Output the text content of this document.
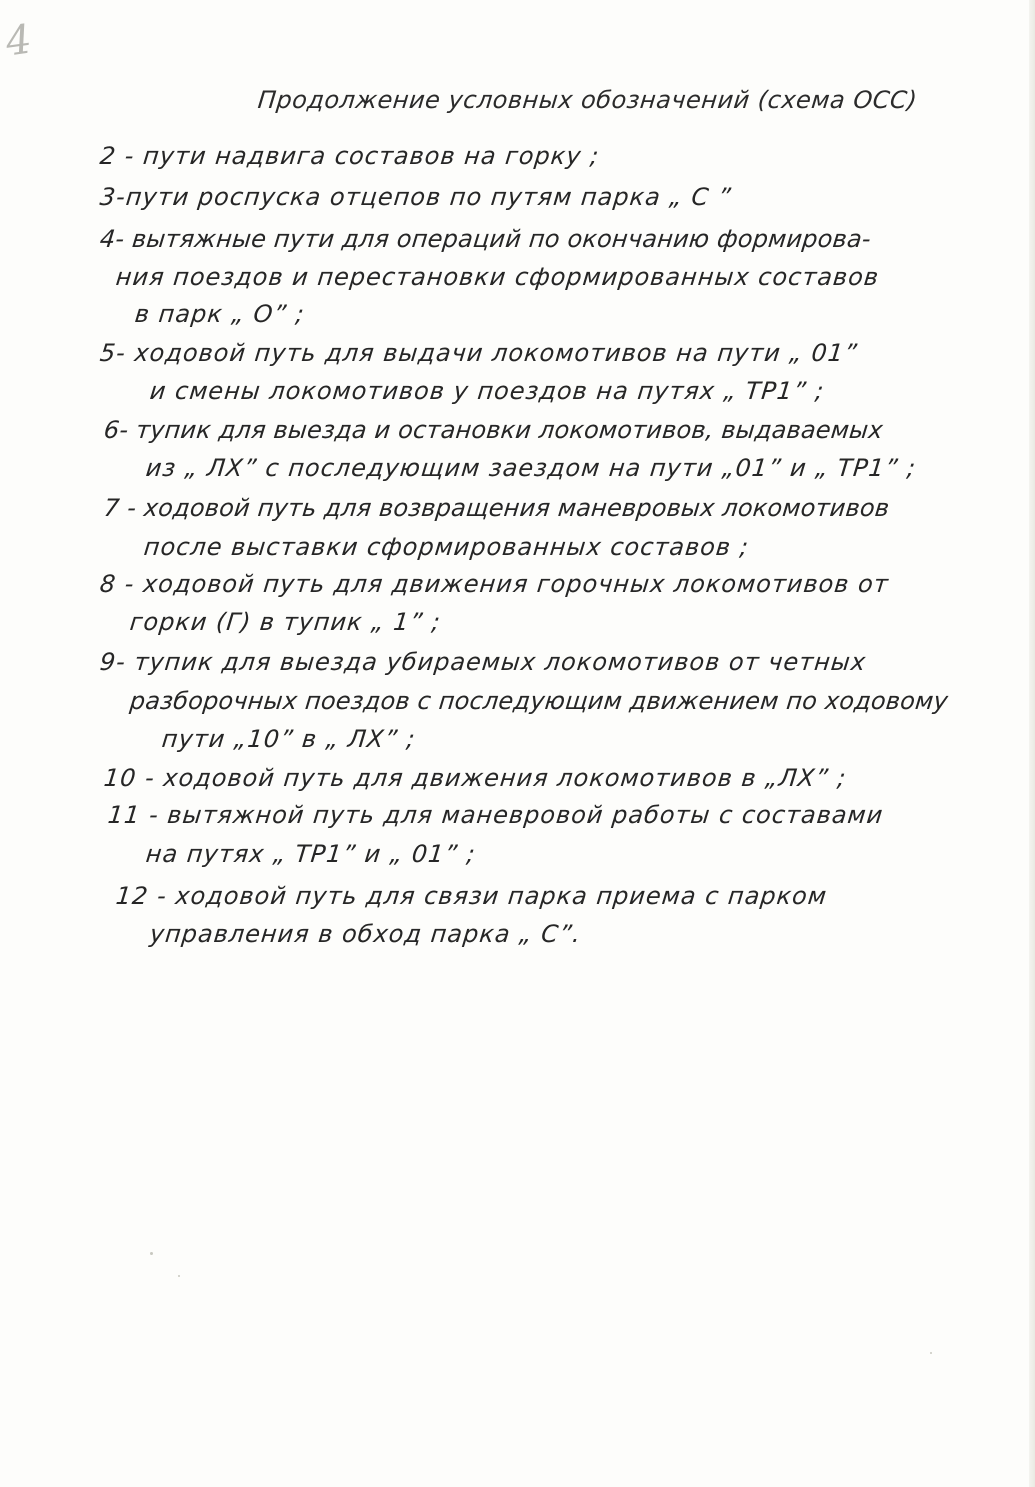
4
Продолжение условных обозначений (схема ОСС)
2 - пути надвига составов на горку ;
3-пути роспуска отцепов по путям парка „ С ”
4- вытяжные пути для операций по окончанию формирова-
ния поездов и перестановки сформированных составов
в парк „ О” ;
5- ходовой путь для выдачи локомотивов на пути „ 01”
и смены локомотивов у поездов на путях „ ТР1” ;
6- тупик для выезда и остановки локомотивов, выдаваемых
из „ ЛХ” с последующим заездом на пути „01” и „ ТР1” ;
7 - ходовой путь для возвращения маневровых локомотивов
после выставки сформированных составов ;
8 - ходовой путь для движения горочных локомотивов от
горки (Г) в тупик „ 1” ;
9- тупик для выезда убираемых локомотивов от четных
разборочных поездов с последующим движением по ходовому
пути „10” в „ ЛХ” ;
10 - ходовой путь для движения локомотивов в „ЛХ” ;
11 - вытяжной путь для маневровой работы с составами
на путях „ ТР1” и „ 01” ;
12 - ходовой путь для связи парка приема с парком
управления в обход парка „ С”.
